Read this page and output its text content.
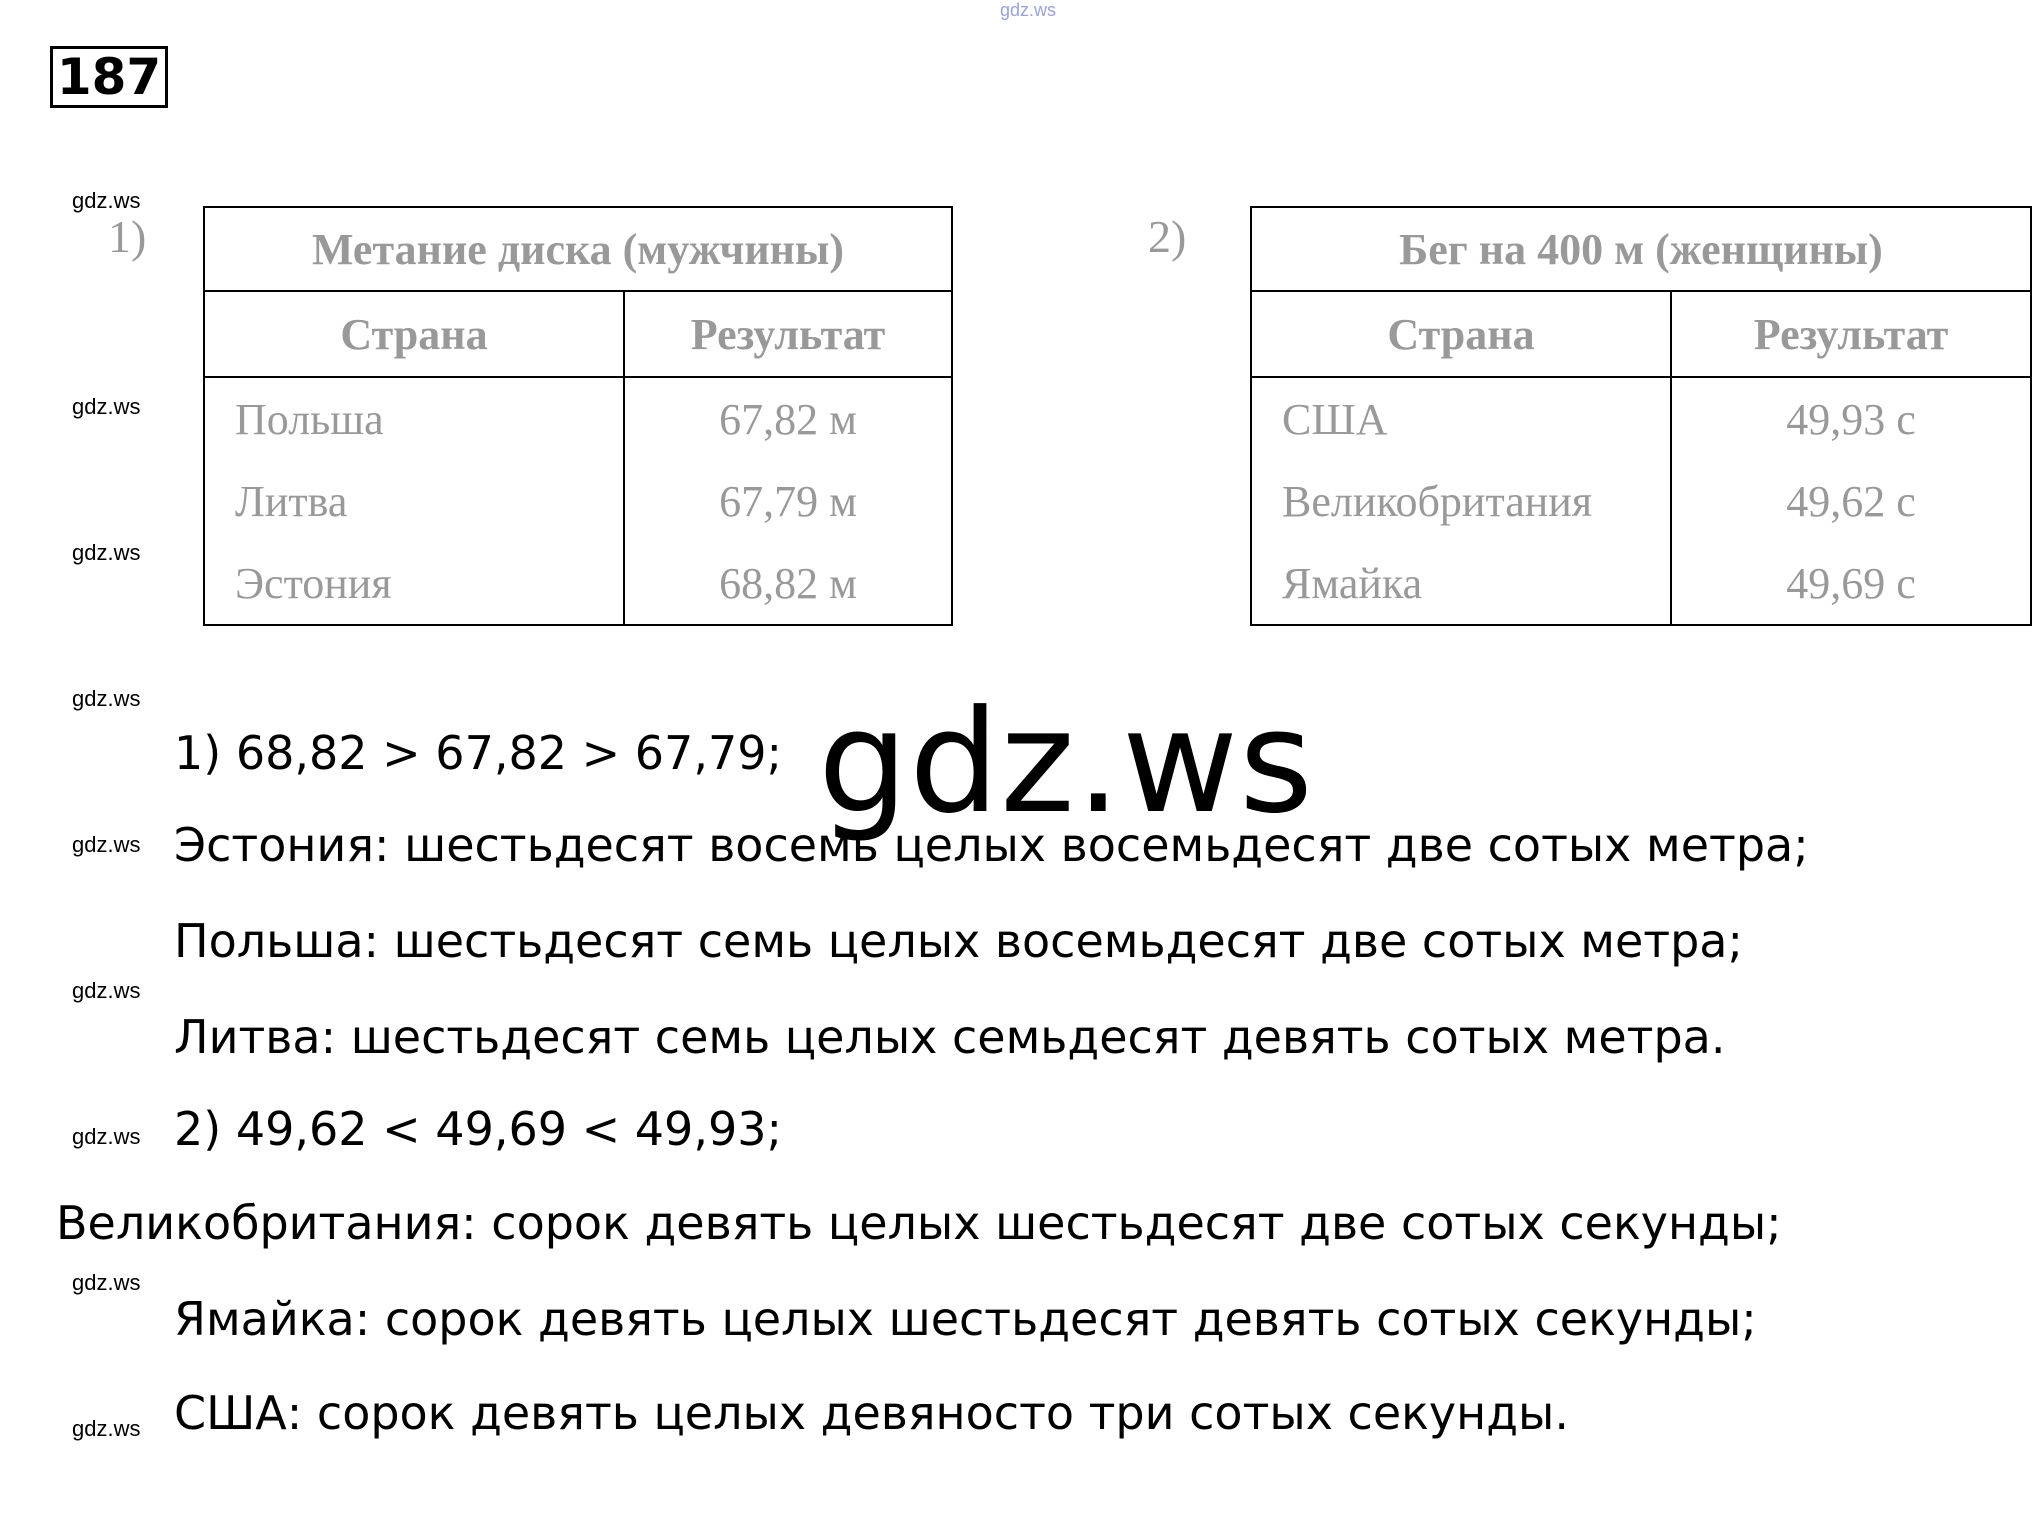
gdz.ws
gdz.ws
gdz.ws
gdz.ws
gdz.ws
gdz.ws
gdz.ws
gdz.ws
gdz.ws
gdz.ws
187
1)	Метание диска (мужчины)	
Страна	Результат
Польша	67,82 м
Литва	67,79 м
Эстония	68,82 м
2)	Бег на 400 м (женщины)	
Страна	Результат
США	49,93 с
Великобритания	49,62 с
Ямайка	49,69 с
1) 68,82 > 67,82 > 67,79;
Эстония: шестьдесят восемь целых восемьдесят две сотых метра;
Польша: шестьдесят семь целых восемьдесят две сотых метра;
Литва: шестьдесят семь целых семьдесят девять сотых метра.
2) 49,62 < 49,69 < 49,93;
Великобритания: сорок девять целых шестьдесят две сотых секунды;
Ямайка: сорок девять целых шестьдесят девять сотых секунды;
США: сорок девять целых девяносто три сотых секунды.
gdz.ws
